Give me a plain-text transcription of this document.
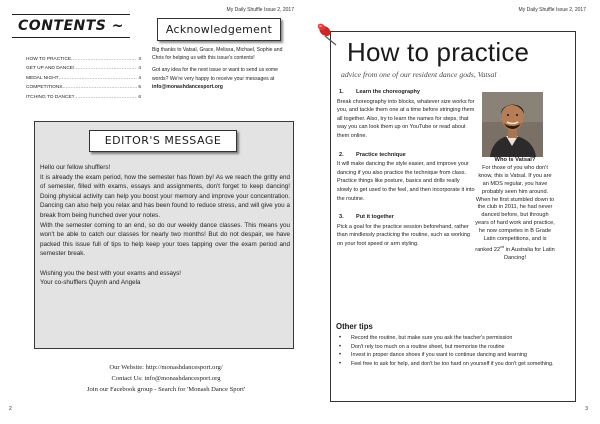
My Daily Shuffle Issue 2, 2017
CONTENTS ~
HOW TO PRACTICE .....	3
GET UP AND DANCE! .....	4
MEDAL NIGHT .....	4
COMPETITIONS .....	5
ITCHING TO DANCE? .....	6
Acknowledgement

Big thanks to Vatsal, Grace, Melissa, Michael, Sophie and Chris for helping us with this issue's contents!

Got any idea for the next issue or want to send us some words? We're very happy to receive your messages at info@monashdancesport.org

EDITOR'S MESSAGE

Hello our fellow shufflers!

It is already the exam period, how the semester has flown by! As we reach the gritty end of semester, filled with exams, essays and assignments, don't forget to keep dancing! Doing physical activity can help you boost your memory and improve your concentration. Dancing can also help you relax and has been found to reduce stress, and will give you a break from being hunched over your notes.

With the semester coming to an end, so do our weekly dance classes. This means you won't be able to catch our classes for nearly two months! But do not despair, we have packed this issue full of tips to help keep your toes tapping over the exam period and semester break.

Wishing you the best with your exams and essays!

Your co-shufflers Quynh and Angela

Our Website: http://monashdancesport.org/
Contact Us: info@monashdancesport.org
Join our Facebook group - Search for 'Monash Dance Sport'
2
My Daily Shuffle Issue 2, 2017
3
How to practice
advice from one of our resident dance gods, Vatsal
1. Learn the choreography

Break choreography into blocks, whatever size works for you, and tackle them one at a time before stringing them all together. Also, try to learn the names for steps, that way you can look them up on YouTube or read about them online.

2. Practice technique

It will make dancing the style easier, and improve your dancing if you also practice the technique from class. Practice things like posture, basics and drills really slowly to get used to the feel, and then incorporate it into the routine.

3. Put it together

Pick a goal for the practice session beforehand, rather than mindlessly practicing the routine, such as working on your foot speed or arm styling.

Who is Vatsal?
For those of you who don't know, this is Vatsal. If you are an MDS regular, you have probably seen him around. When he first stumbled down to the club in 2011, he had never danced before, but through years of hard work and practice, he now competes in B Grade Latin competitions, and is ranked 22nd in Australia for Latin Dancing!
Other tips
• Record the routine, but make sure you ask the teacher's permission
• Don't rely too much on a routine sheet, but memorise the routine
• Invest in proper dance shoes if you want to continue dancing and learning
• Feel free to ask for help, and don't be too hard on yourself if you don't get something.
